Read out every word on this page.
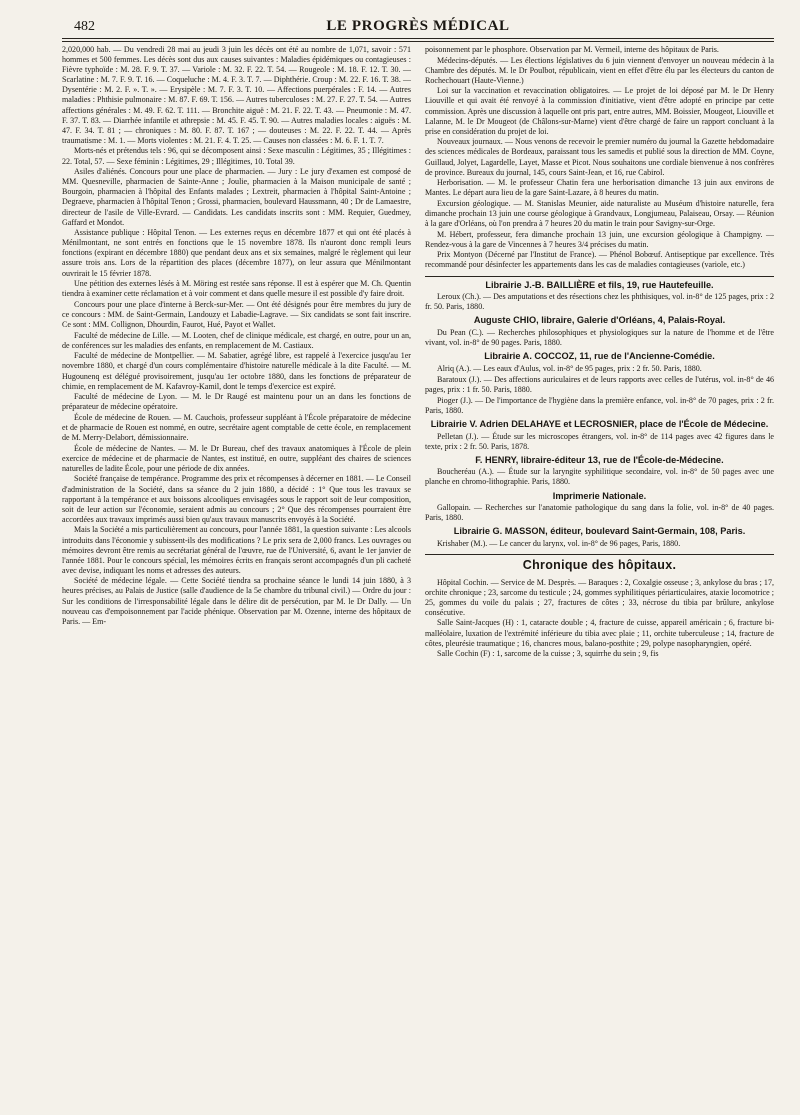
482	LE PROGRÈS MÉDICAL

2,020,000 hab. — Du vendredi 28 mai au jeudi 3 juin les décès ont été au nombre de 1,071, savoir : 571 hommes et 500 femmes. Les décès sont dus aux causes suivantes : Maladies épidémiques ou contagieuses : Fièvre typhoïde : M. 28. F. 9. T. 37. — Variole : M. 32. F. 22. T. 54. — Rougeole : M. 18. F. 12. T. 30. — Scarlatine : M. 7. F. 9. T. 16. — Coqueluche : M. 4. F. 3. T. 7. — Diphthérie. Croup : M. 22. F. 16. T. 38. — Dysentérie : M. 2. F. ». T. ». — Erysipèle : M. 7. F. 3. T. 10. — Affections puerpérales : F. 14. — Autres maladies : Phthisie pulmonaire : M. 87. F. 69. T. 156. — Autres tuberculoses : M. 27. F. 27. T. 54. — Autres affections générales : M. 49. F. 62. T. 111. — Bronchite aiguë : M. 21. F. 22. T. 43. — Pneumonie : M. 47. F. 37. T. 83. — Diarrhée infantile et athrepsie : M. 45. F. 45. T. 90. — Autres maladies locales : aiguës : M. 47. F. 34. T. 81 ; — chroniques : M. 80. F. 87. T. 167 ; — douteuses : M. 22. F. 22. T. 44. — Après traumatisme : M. 1. — Morts violentes : M. 21. F. 4. T. 25. — Causes non classées : M. 6. F. 1. T. 7.

Morts-nés et prétendus tels : 96, qui se décomposent ainsi : Sexe masculin : Légitimes, 35 ; Illégitimes : 22. Total, 57. — Sexe féminin : Légitimes, 29 ; Illégitimes, 10. Total 39.

Asiles d'aliénés. Concours pour une place de pharmacien. — Jury : Le jury d'examen est composé de MM. Quesneville, pharmacien de Sainte-Anne ; Joulie, pharmacien à la Maison municipale de santé ; Bourgoin, pharmacien à l'hôpital des Enfants malades ; Lextreit, pharmacien à l'hôpital Saint-Antoine ; Degraeve, pharmacien à l'hôpital Tenon ; Grossi, pharmacien, boulevard Haussmann, 40 ; Dr de Lamaestre, directeur de l'asile de Ville-Evrard. — Candidats. Les candidats inscrits sont : MM. Requier, Guedmey, Gaffard et Mondot.

Assistance publique : Hôpital Tenon. — Les externes reçus en décembre 1877 et qui ont été placés à Ménilmontant, ne sont entrés en fonctions que le 15 novembre 1878. Ils n'auront donc rempli leurs fonctions (expirant en décembre 1880) que pendant deux ans et six semaines, malgré le règlement qui leur assure trois ans. Lors de la répartition des places (décembre 1877), on leur assura que Ménilmontant ouvrirait le 15 février 1878.

Une pétition des externes lésés à M. Möring est restée sans réponse. Il est à espérer que M. Ch. Quentin tiendra à examiner cette réclamation et à voir comment et dans quelle mesure il est possible d'y faire droit.

Concours pour une place d'interne à Berck-sur-Mer. — Ont été désignés pour être membres du jury de ce concours : MM. de Saint-Germain, Landouzy et Labadie-Lagrave. — Six candidats se sont fait inscrire. Ce sont : MM. Collignon, Dhourdin, Faurot, Hué, Payot et Wallet.

Faculté de médecine de Lille. — M. Looten, chef de clinique médicale, est chargé, en outre, pour un an, de conférences sur les maladies des enfants, en remplacement de M. Castiaux.

Faculté de médecine de Montpellier. — M. Sabatier, agrégé libre, est rappelé à l'exercice jusqu'au 1er novembre 1880, et chargé d'un cours complémentaire d'histoire naturelle médicale à la dite Faculté. — M. Hugounenq est délégué provisoirement, jusqu'au 1er octobre 1880, dans les fonctions de préparateur de chimie, en remplacement de M. Kafavroy-Kamil, dont le temps d'exercice est expiré.

Faculté de médecine de Lyon. — M. le Dr Raugé est maintenu pour un an dans les fonctions de préparateur de médecine opératoire.

École de médecine de Rouen. — M. Cauchois, professeur suppléant à l'École préparatoire de médecine et de pharmacie de Rouen est nommé, en outre, secrétaire agent comptable de cette école, en remplacement de M. Merry-Delabort, démissionnaire.

École de médecine de Nantes. — M. le Dr Bureau, chef des travaux anatomiques à l'École de plein exercice de médecine et de pharmacie de Nantes, est institué, en outre, suppléant des chaires de sciences naturelles de ladite École, pour une période de dix années.

Société française de tempérance. Programme des prix et récompenses à décerner en 1881. — Le Conseil d'administration de la Société, dans sa séance du 2 juin 1880, a décidé : 1° Que tous les travaux se rapportant à la tempérance et aux boissons alcooliques envisagées sous le rapport soit de leur composition, soit de leur action sur l'économie, seraient admis au concours ; 2° Que des récompenses pourraient être accordées aux travaux imprimés aussi bien qu'aux travaux manuscrits envoyés à la Société.

Mais la Société a mis particulièrement au concours, pour l'année 1881, la question suivante : Les alcools introduits dans l'économie y subissent-ils des modifications ? Le prix sera de 2,000 francs. Les ouvrages ou mémoires devront être remis au secrétariat général de l'œuvre, rue de l'Université, 6, avant le 1er janvier de l'année 1881. Pour le concours spécial, les mémoires écrits en français seront accompagnés d'un pli cacheté avec devise, indiquant les noms et adresses des auteurs.

Société de médecine légale. — Cette Société tiendra sa prochaine séance le lundi 14 juin 1880, à 3 heures précises, au Palais de Justice (salle d'audience de la 5e chambre du tribunal civil.) — Ordre du jour : Sur les conditions de l'irresponsabilité légale dans le délire dit de persécution, par M. le Dr Dally. — Un nouveau cas d'empoisonnement par l'acide phénique. Observation par M. Ozenne, interne des hôpitaux de Paris. — Em-

poisonnement par le phosphore. Observation par M. Vermeil, interne des hôpitaux de Paris.

Médecins-députés. — Les élections législatives du 6 juin viennent d'envoyer un nouveau médecin à la Chambre des députés. M. le Dr Poulbot, républicain, vient en effet d'être élu par les électeurs du canton de Rochechouart (Haute-Vienne.)

Loi sur la vaccination et revaccination obligatoires. — Le projet de loi déposé par M. le Dr Henry Liouville et qui avait été renvoyé à la commission d'initiative, vient d'être adopté en principe par cette commission. Après une discussion à laquelle ont pris part, entre autres, MM. Boissier, Mougeot, Liouville et Lalanne, M. le Dr Mougeot (de Châlons-sur-Marne) vient d'être chargé de faire un rapport concluant à la prise en considération du projet de loi.

Nouveaux journaux. — Nous venons de recevoir le premier numéro du journal la Gazette hebdomadaire des sciences médicales de Bordeaux, paraissant tous les samedis et publié sous la direction de MM. Coyne, Guillaud, Jolyet, Lagardelle, Layet, Masse et Picot. Nous souhaitons une cordiale bienvenue à nos confrères de province. Bureaux du journal, 145, cours Saint-Jean, et 16, rue Cabirol.

Herborisation. — M. le professeur Chatin fera une herborisation dimanche 13 juin aux environs de Mantes. Le départ aura lieu de la gare Saint-Lazare, à 8 heures du matin.

Excursion géologique. — M. Stanislas Meunier, aide naturaliste au Muséum d'histoire naturelle, fera dimanche prochain 13 juin une course géologique à Grandvaux, Longjumeau, Palaiseau, Orsay. — Réunion à la gare d'Orléans, où l'on prendra à 7 heures 20 du matin le train pour Savigny-sur-Orge.

M. Hébert, professeur, fera dimanche prochain 13 juin, une excursion géologique à Champigny. — Rendez-vous à la gare de Vincennes à 7 heures 3/4 précises du matin.

Prix Montyon (Décerné par l'Institut de France). — Phénol Bobœuf. Antiseptique par excellence. Très recommandé pour désinfecter les appartements dans les cas de maladies contagieuses (variole, etc.)

Librairie J.-B. BAILLIÈRE et fils, 19, rue Hautefeuille.

Leroux (Ch.). — Des amputations et des résections chez les phthisiques, vol. in-8° de 125 pages, prix : 2 fr. 50. Paris, 1880.

Auguste CHIO, libraire, Galerie d'Orléans, 4, Palais-Royal.

Du Pean (C.). — Recherches philosophiques et physiologiques sur la nature de l'homme et de l'être vivant, vol. in-8° de 90 pages. Paris, 1880.

Librairie A. COCCOZ, 11, rue de l'Ancienne-Comédie.

Alriq (A.). — Les eaux d'Aulus, vol. in-8° de 95 pages, prix : 2 fr. 50. Paris, 1880.

Baratoux (J.). — Des affections auriculaires et de leurs rapports avec celles de l'utérus, vol. in-8° de 46 pages, prix : 1 fr. 50. Paris, 1880.

Pioger (J.). — De l'importance de l'hygiène dans la première enfance, vol. in-8° de 70 pages, prix : 2 fr. Paris, 1880.

Librairie V. Adrien DELAHAYE et LECROSNIER, place de l'École de Médecine.

Pelletan (J.). — Étude sur les microscopes étrangers, vol. in-8° de 114 pages avec 42 figures dans le texte, prix : 2 fr. 50. Paris, 1878.

F. HENRY, libraire-éditeur 13, rue de l'École-de-Médecine.

Boucheréau (A.). — Étude sur la laryngite syphilitique secondaire, vol. in-8° de 50 pages avec une planche en chromo-lithographie. Paris, 1880.

Imprimerie Nationale.

Gallopain. — Recherches sur l'anatomie pathologique du sang dans la folie, vol. in-8° de 40 pages. Paris, 1880.

Librairie G. MASSON, éditeur, boulevard Saint-Germain, 108, Paris.

Krishaber (M.). — Le cancer du larynx, vol. in-8° de 96 pages, Paris, 1880.

Chronique des hôpitaux.

Hôpital Cochin. — Service de M. Desprès. — Baraques : 2, Coxalgie osseuse ; 3, ankylose du bras ; 17, orchite chronique ; 23, sarcome du testicule ; 24, gommes syphilitiques périarticulaires, ataxie locomotrice ; 25, gommes du voile du palais ; 27, fractures de côtes ; 33, nécrose du tibia par brûlure, ankylose consécutive.

Salle Saint-Jacques (H) : 1, cataracte double ; 4, fracture de cuisse, appareil américain ; 6, fracture bi-malléolaire, luxation de l'extrémité inférieure du tibia avec plaie ; 11, orchite tuberculeuse ; 14, fracture de côtes, pleurésie traumatique ; 16, chancres mous, balano-posthite ; 29, polype nasopharyngien, opéré.

Salle Cochin (F) : 1, sarcome de la cuisse ; 3, squirrhe du sein ; 9, fis
